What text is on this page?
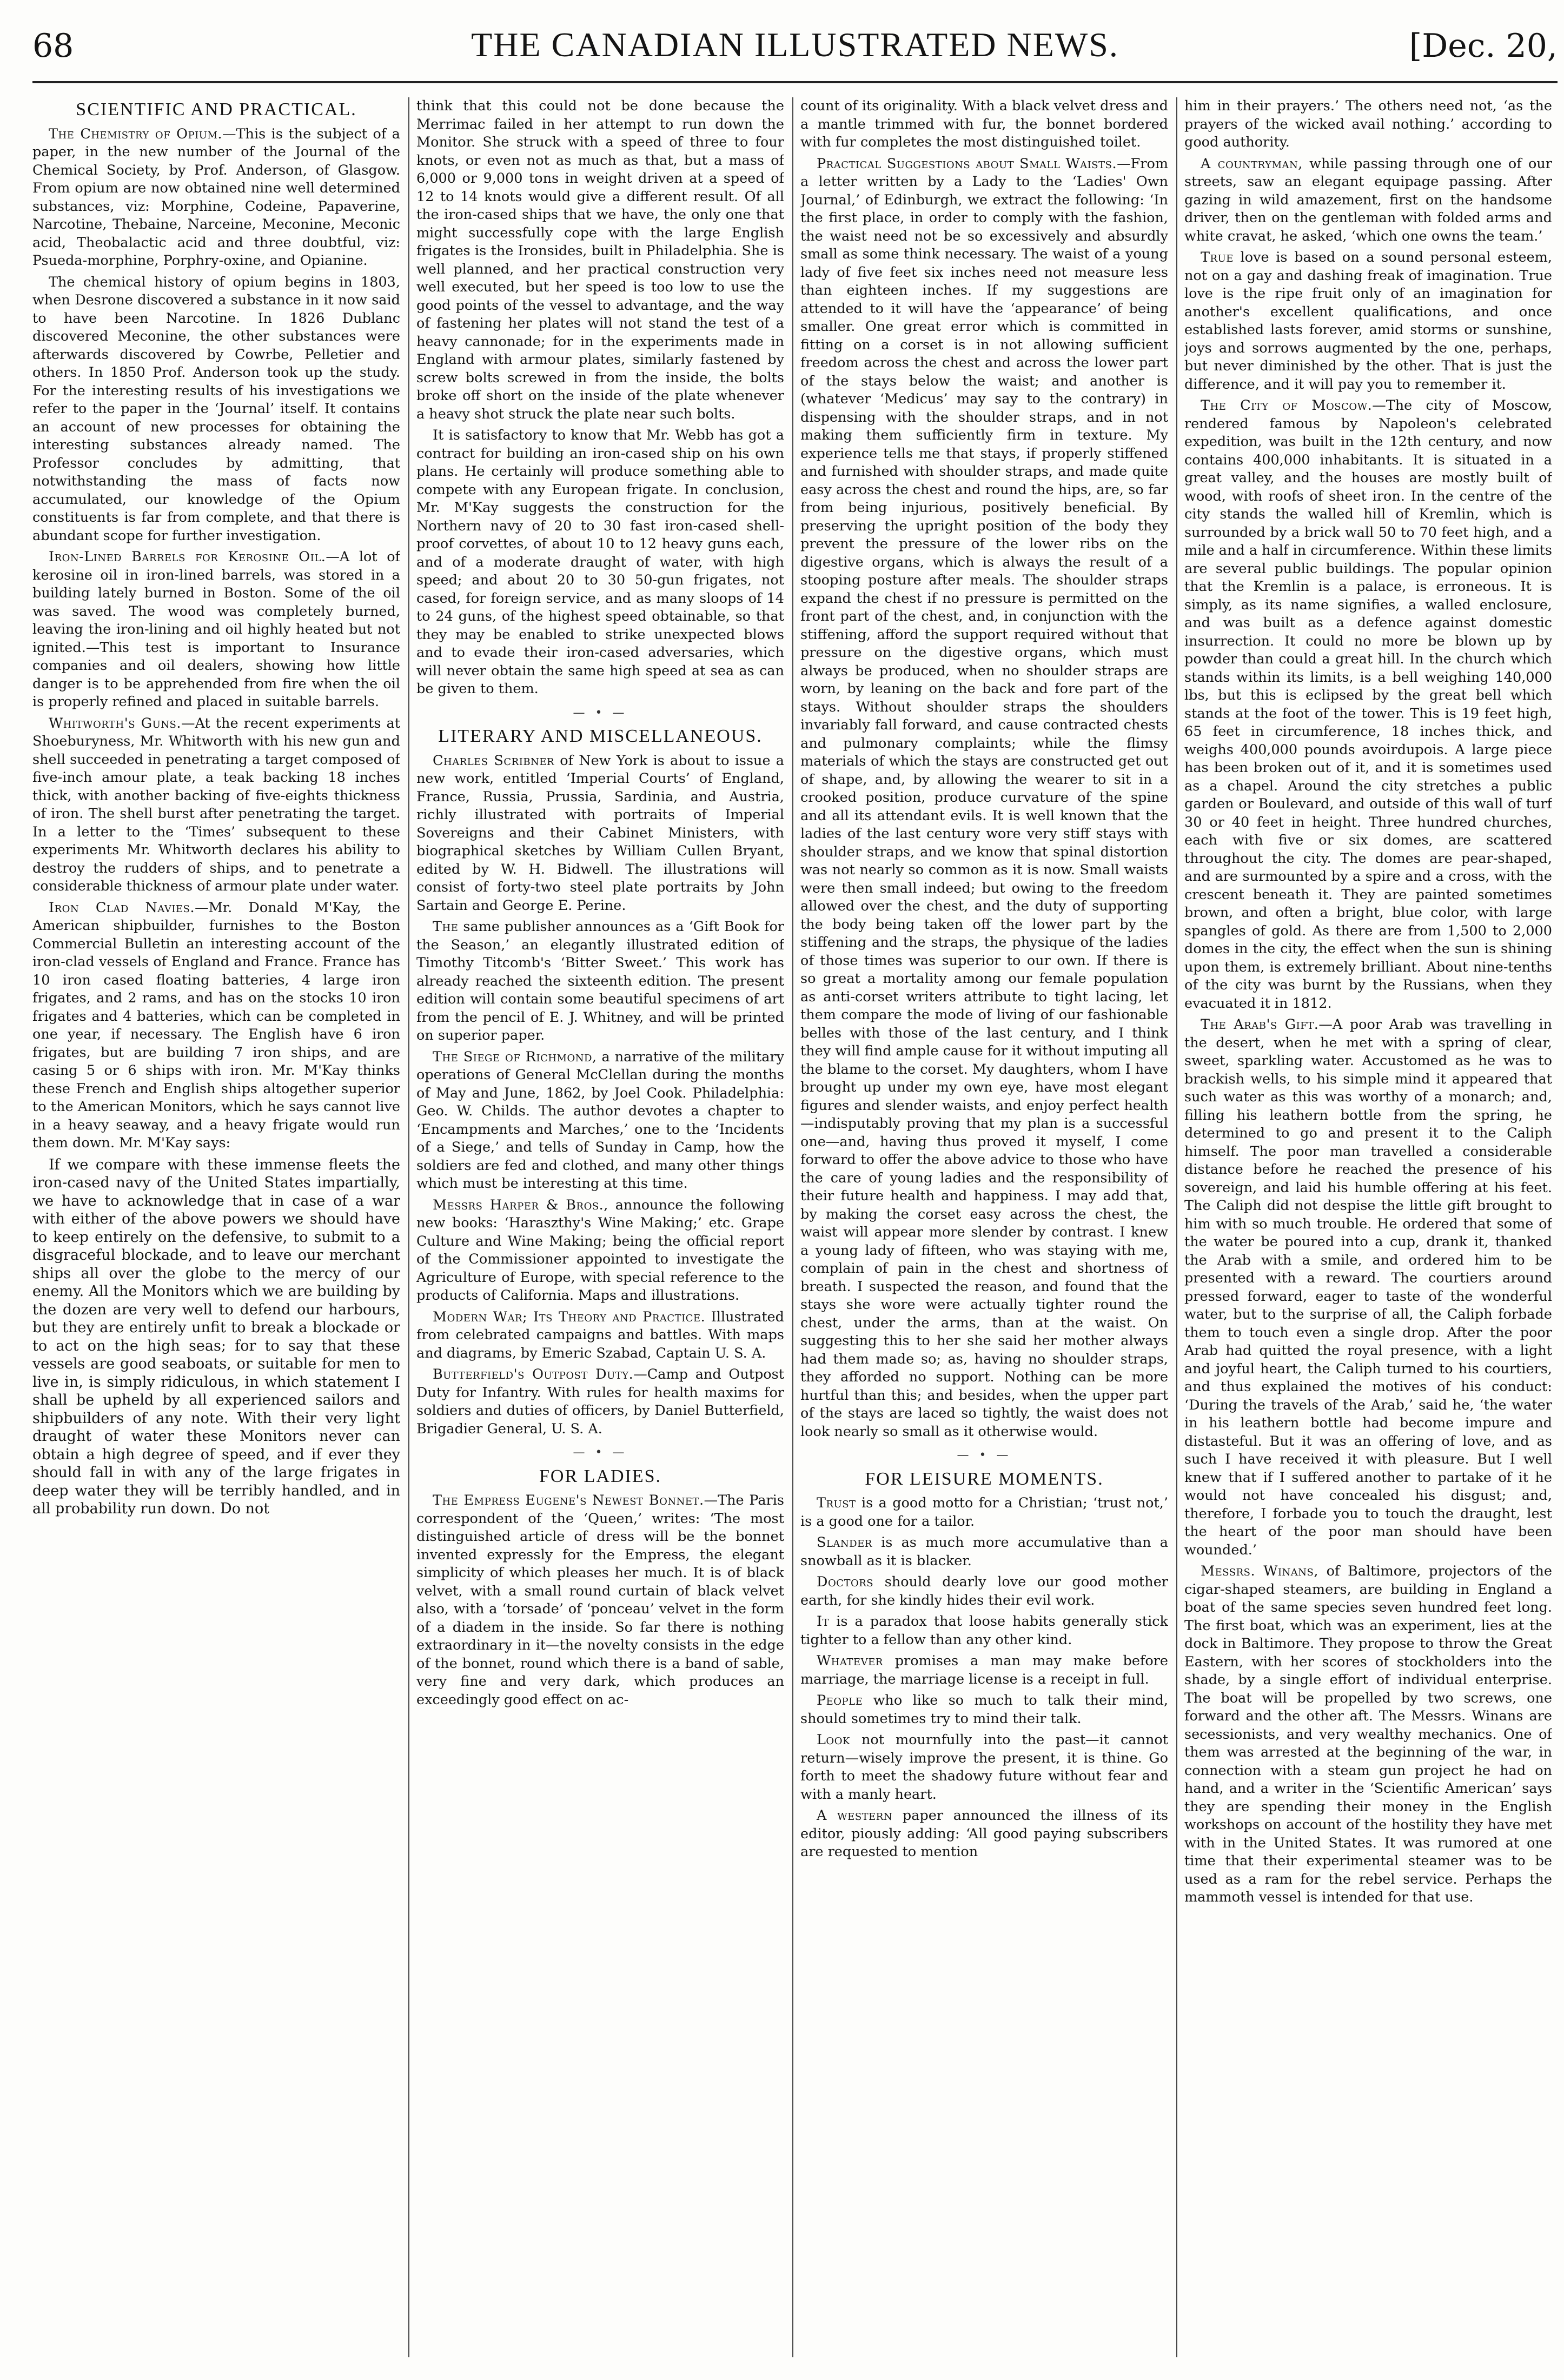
68	THE CANADIAN ILLUSTRATED NEWS.	[Dec. 20,
SCIENTIFIC AND PRACTICAL.

The Chemistry of Opium.—This is the subject of a paper, in the new number of the Journal of the Chemical Society, by Prof. Anderson, of Glasgow. From opium are now obtained nine well determined substances, viz: Morphine, Codeine, Papaverine, Narcotine, Thebaine, Narceine, Meconine, Meconic acid, Theobalactic acid and three doubtful, viz: Psueda-morphine, Porphry-oxine, and Opianine.

The chemical history of opium begins in 1803, when Desrone discovered a substance in it now said to have been Narcotine. In 1826 Dublanc discovered Meconine, the other substances were afterwards discovered by Cowrbe, Pelletier and others. In 1850 Prof. Anderson took up the study. For the interesting results of his investigations we refer to the paper in the ‘Journal’ itself. It contains an account of new processes for obtaining the interesting substances already named. The Professor concludes by admitting, that notwithstanding the mass of facts now accumulated, our knowledge of the Opium constituents is far from complete, and that there is abundant scope for further investigation.

Iron-Lined Barrels for Kerosine Oil.—A lot of kerosine oil in iron-lined barrels, was stored in a building lately burned in Boston. Some of the oil was saved. The wood was completely burned, leaving the iron-lining and oil highly heated but not ignited.—This test is important to Insurance companies and oil dealers, showing how little danger is to be apprehended from fire when the oil is properly refined and placed in suitable barrels.

Whitworth's Guns.—At the recent experiments at Shoeburyness, Mr. Whitworth with his new gun and shell succeeded in penetrating a target composed of five-inch amour plate, a teak backing 18 inches thick, with another backing of five-eights thickness of iron. The shell burst after penetrating the target. In a letter to the ‘Times’ subsequent to these experiments Mr. Whitworth declares his ability to destroy the rudders of ships, and to penetrate a considerable thickness of armour plate under water.

Iron Clad Navies.—Mr. Donald M'Kay, the American shipbuilder, furnishes to the Boston Commercial Bulletin an interesting account of the iron-clad vessels of England and France. France has 10 iron cased floating batteries, 4 large iron frigates, and 2 rams, and has on the stocks 10 iron frigates and 4 batteries, which can be completed in one year, if necessary. The English have 6 iron frigates, but are building 7 iron ships, and are casing 5 or 6 ships with iron. Mr. M'Kay thinks these French and English ships altogether superior to the American Monitors, which he says cannot live in a heavy seaway, and a heavy frigate would run them down. Mr. M'Kay says:

If we compare with these immense fleets the iron-cased navy of the United States impartially, we have to acknowledge that in case of a war with either of the above powers we should have to keep entirely on the defensive, to submit to a disgraceful blockade, and to leave our merchant ships all over the globe to the mercy of our enemy. All the Monitors which we are building by the dozen are very well to defend our harbours, but they are entirely unfit to break a blockade or to act on the high seas; for to say that these vessels are good seaboats, or suitable for men to live in, is simply ridiculous, in which statement I shall be upheld by all experienced sailors and shipbuilders of any note. With their very light draught of water these Monitors never can obtain a high degree of speed, and if ever they should fall in with any of the large frigates in deep water they will be terribly handled, and in all probability run down. Do not

think that this could not be done because the Merrimac failed in her attempt to run down the Monitor. She struck with a speed of three to four knots, or even not as much as that, but a mass of 6,000 or 9,000 tons in weight driven at a speed of 12 to 14 knots would give a different result. Of all the iron-cased ships that we have, the only one that might successfully cope with the large English frigates is the Ironsides, built in Philadelphia. She is well planned, and her practical construction very well executed, but her speed is too low to use the good points of the vessel to advantage, and the way of fastening her plates will not stand the test of a heavy cannonade; for in the experiments made in England with armour plates, similarly fastened by screw bolts screwed in from the inside, the bolts broke off short on the inside of the plate whenever a heavy shot struck the plate near such bolts.

It is satisfactory to know that Mr. Webb has got a contract for building an iron-cased ship on his own plans. He certainly will produce something able to compete with any European frigate. In conclusion, Mr. M'Kay suggests the construction for the Northern navy of 20 to 30 fast iron-cased shell-proof corvettes, of about 10 to 12 heavy guns each, and of a moderate draught of water, with high speed; and about 20 to 30 50-gun frigates, not cased, for foreign service, and as many sloops of 14 to 24 guns, of the highest speed obtainable, so that they may be enabled to strike unexpected blows and to evade their iron-cased adversaries, which will never obtain the same high speed at sea as can be given to them.

— • —
LITERARY AND MISCELLANEOUS.

Charles Scribner of New York is about to issue a new work, entitled ‘Imperial Courts’ of England, France, Russia, Prussia, Sardinia, and Austria, richly illustrated with portraits of Imperial Sovereigns and their Cabinet Ministers, with biographical sketches by William Cullen Bryant, edited by W. H. Bidwell. The illustrations will consist of forty-two steel plate portraits by John Sartain and George E. Perine.

The same publisher announces as a ‘Gift Book for the Season,’ an elegantly illustrated edition of Timothy Titcomb's ‘Bitter Sweet.’ This work has already reached the sixteenth edition. The present edition will contain some beautiful specimens of art from the pencil of E. J. Whitney, and will be printed on superior paper.

The Siege of Richmond, a narrative of the military operations of General McClellan during the months of May and June, 1862, by Joel Cook. Philadelphia: Geo. W. Childs. The author devotes a chapter to ‘Encampments and Marches,’ one to the ‘Incidents of a Siege,’ and tells of Sunday in Camp, how the soldiers are fed and clothed, and many other things which must be interesting at this time.

Messrs Harper & Bros., announce the following new books: ‘Haraszthy's Wine Making;’ etc. Grape Culture and Wine Making; being the official report of the Commissioner appointed to investigate the Agriculture of Europe, with special reference to the products of California. Maps and illustrations.

Modern War; Its Theory and Practice. Illustrated from celebrated campaigns and battles. With maps and diagrams, by Emeric Szabad, Captain U. S. A.

Butterfield's Outpost Duty.—Camp and Outpost Duty for Infantry. With rules for health maxims for soldiers and duties of officers, by Daniel Butterfield, Brigadier General, U. S. A.

— • —
FOR LADIES.

The Empress Eugene's Newest Bonnet.—The Paris correspondent of the ‘Queen,’ writes: ‘The most distinguished article of dress will be the bonnet invented expressly for the Empress, the elegant simplicity of which pleases her much. It is of black velvet, with a small round curtain of black velvet also, with a ‘torsade’ of ‘ponceau’ velvet in the form of a diadem in the inside. So far there is nothing extraordinary in it—the novelty consists in the edge of the bonnet, round which there is a band of sable, very fine and very dark, which produces an exceedingly good effect on ac-

count of its originality. With a black velvet dress and a mantle trimmed with fur, the bonnet bordered with fur completes the most distinguished toilet.

Practical Suggestions about Small Waists.—From a letter written by a Lady to the ‘Ladies' Own Journal,’ of Edinburgh, we extract the following: ‘In the first place, in order to comply with the fashion, the waist need not be so excessively and absurdly small as some think necessary. The waist of a young lady of five feet six inches need not measure less than eighteen inches. If my suggestions are attended to it will have the ‘appearance’ of being smaller. One great error which is committed in fitting on a corset is in not allowing sufficient freedom across the chest and across the lower part of the stays below the waist; and another is (whatever ‘Medicus’ may say to the contrary) in dispensing with the shoulder straps, and in not making them sufficiently firm in texture. My experience tells me that stays, if properly stiffened and furnished with shoulder straps, and made quite easy across the chest and round the hips, are, so far from being injurious, positively beneficial. By preserving the upright position of the body they prevent the pressure of the lower ribs on the digestive organs, which is always the result of a stooping posture after meals. The shoulder straps expand the chest if no pressure is permitted on the front part of the chest, and, in conjunction with the stiffening, afford the support required without that pressure on the digestive organs, which must always be produced, when no shoulder straps are worn, by leaning on the back and fore part of the stays. Without shoulder straps the shoulders invariably fall forward, and cause contracted chests and pulmonary complaints; while the flimsy materials of which the stays are constructed get out of shape, and, by allowing the wearer to sit in a crooked position, produce curvature of the spine and all its attendant evils. It is well known that the ladies of the last century wore very stiff stays with shoulder straps, and we know that spinal distortion was not nearly so common as it is now. Small waists were then small indeed; but owing to the freedom allowed over the chest, and the duty of supporting the body being taken off the lower part by the stiffening and the straps, the physique of the ladies of those times was superior to our own. If there is so great a mortality among our female population as anti-corset writers attribute to tight lacing, let them compare the mode of living of our fashionable belles with those of the last century, and I think they will find ample cause for it without imputing all the blame to the corset. My daughters, whom I have brought up under my own eye, have most elegant figures and slender waists, and enjoy perfect health—indisputably proving that my plan is a successful one—and, having thus proved it myself, I come forward to offer the above advice to those who have the care of young ladies and the responsibility of their future health and happiness. I may add that, by making the corset easy across the chest, the waist will appear more slender by contrast. I knew a young lady of fifteen, who was staying with me, complain of pain in the chest and shortness of breath. I suspected the reason, and found that the stays she wore were actually tighter round the chest, under the arms, than at the waist. On suggesting this to her she said her mother always had them made so; as, having no shoulder straps, they afforded no support. Nothing can be more hurtful than this; and besides, when the upper part of the stays are laced so tightly, the waist does not look nearly so small as it otherwise would.

— • —
FOR LEISURE MOMENTS.

Trust is a good motto for a Christian; ‘trust not,’ is a good one for a tailor.

Slander is as much more accumulative than a snowball as it is blacker.

Doctors should dearly love our good mother earth, for she kindly hides their evil work.

It is a paradox that loose habits generally stick tighter to a fellow than any other kind.

Whatever promises a man may make before marriage, the marriage license is a receipt in full.

People who like so much to talk their mind, should sometimes try to mind their talk.

Look not mournfully into the past—it cannot return—wisely improve the present, it is thine. Go forth to meet the shadowy future without fear and with a manly heart.

A western paper announced the illness of its editor, piously adding: ‘All good paying subscribers are requested to mention

him in their prayers.’ The others need not, ‘as the prayers of the wicked avail nothing.’ according to good authority.

A countryman, while passing through one of our streets, saw an elegant equipage passing. After gazing in wild amazement, first on the handsome driver, then on the gentleman with folded arms and white cravat, he asked, ‘which one owns the team.’

True love is based on a sound personal esteem, not on a gay and dashing freak of imagination. True love is the ripe fruit only of an imagination for another's excellent qualifications, and once established lasts forever, amid storms or sunshine, joys and sorrows augmented by the one, perhaps, but never diminished by the other. That is just the difference, and it will pay you to remember it.

The City of Moscow.—The city of Moscow, rendered famous by Napoleon's celebrated expedition, was built in the 12th century, and now contains 400,000 inhabitants. It is situated in a great valley, and the houses are mostly built of wood, with roofs of sheet iron. In the centre of the city stands the walled hill of Kremlin, which is surrounded by a brick wall 50 to 70 feet high, and a mile and a half in circumference. Within these limits are several public buildings. The popular opinion that the Kremlin is a palace, is erroneous. It is simply, as its name signifies, a walled enclosure, and was built as a defence against domestic insurrection. It could no more be blown up by powder than could a great hill. In the church which stands within its limits, is a bell weighing 140,000 lbs, but this is eclipsed by the great bell which stands at the foot of the tower. This is 19 feet high, 65 feet in circumference, 18 inches thick, and weighs 400,000 pounds avoirdupois. A large piece has been broken out of it, and it is sometimes used as a chapel. Around the city stretches a public garden or Boulevard, and outside of this wall of turf 30 or 40 feet in height. Three hundred churches, each with five or six domes, are scattered throughout the city. The domes are pear-shaped, and are surmounted by a spire and a cross, with the crescent beneath it. They are painted sometimes brown, and often a bright, blue color, with large spangles of gold. As there are from 1,500 to 2,000 domes in the city, the effect when the sun is shining upon them, is extremely brilliant. About nine-tenths of the city was burnt by the Russians, when they evacuated it in 1812.

The Arab's Gift.—A poor Arab was travelling in the desert, when he met with a spring of clear, sweet, sparkling water. Accustomed as he was to brackish wells, to his simple mind it appeared that such water as this was worthy of a monarch; and, filling his leathern bottle from the spring, he determined to go and present it to the Caliph himself. The poor man travelled a considerable distance before he reached the presence of his sovereign, and laid his humble offering at his feet. The Caliph did not despise the little gift brought to him with so much trouble. He ordered that some of the water be poured into a cup, drank it, thanked the Arab with a smile, and ordered him to be presented with a reward. The courtiers around pressed forward, eager to taste of the wonderful water, but to the surprise of all, the Caliph forbade them to touch even a single drop. After the poor Arab had quitted the royal presence, with a light and joyful heart, the Caliph turned to his courtiers, and thus explained the motives of his conduct: ‘During the travels of the Arab,’ said he, ‘the water in his leathern bottle had become impure and distasteful. But it was an offering of love, and as such I have received it with pleasure. But I well knew that if I suffered another to partake of it he would not have concealed his disgust; and, therefore, I forbade you to touch the draught, lest the heart of the poor man should have been wounded.’

Messrs. Winans, of Baltimore, projectors of the cigar-shaped steamers, are building in England a boat of the same species seven hundred feet long. The first boat, which was an experiment, lies at the dock in Baltimore. They propose to throw the Great Eastern, with her scores of stockholders into the shade, by a single effort of individual enterprise. The boat will be propelled by two screws, one forward and the other aft. The Messrs. Winans are secessionists, and very wealthy mechanics. One of them was arrested at the beginning of the war, in connection with a steam gun project he had on hand, and a writer in the ‘Scientific American’ says they are spending their money in the English workshops on account of the hostility they have met with in the United States. It was rumored at one time that their experimental steamer was to be used as a ram for the rebel service. Perhaps the mammoth vessel is intended for that use.
